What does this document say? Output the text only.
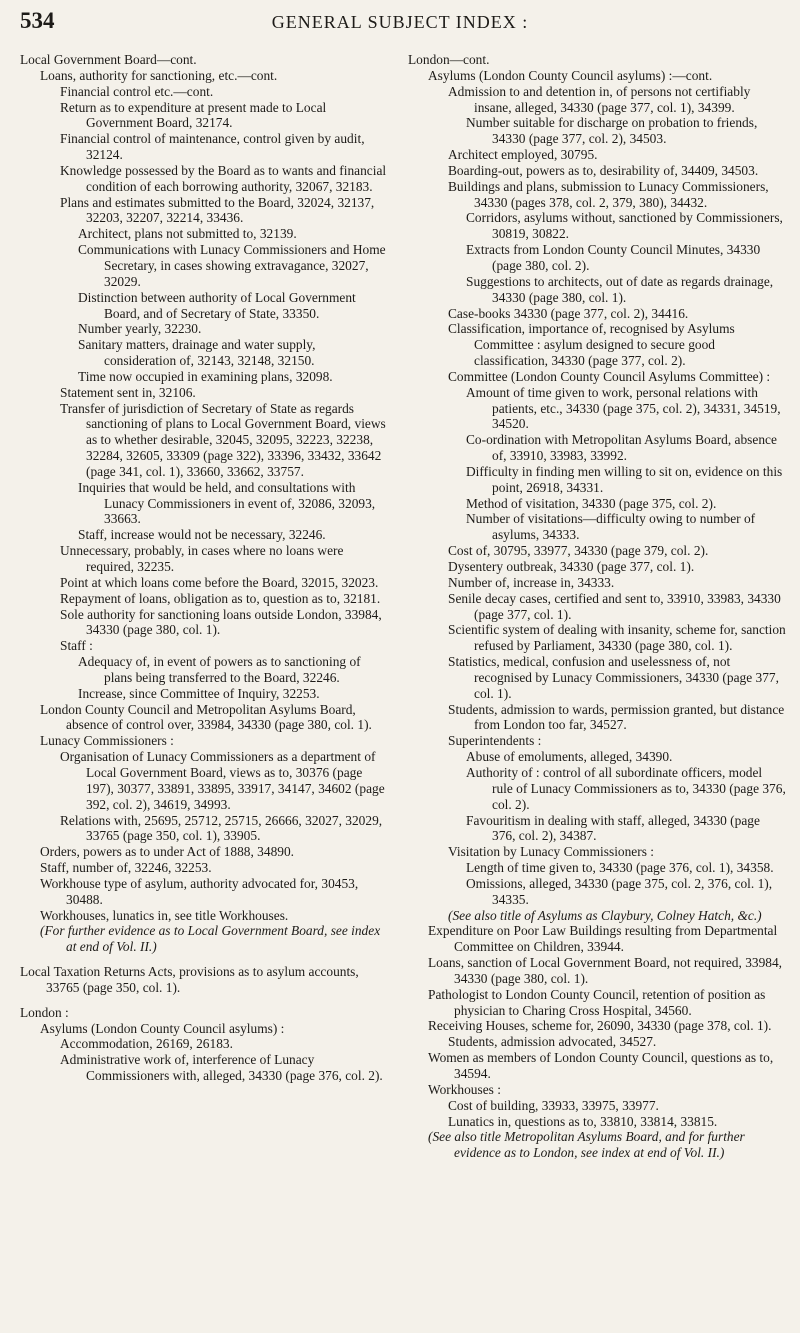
534	GENERAL SUBJECT INDEX :

Local Government Board—cont.

Loans, authority for sanctioning, etc.—cont.

Financial control etc.—cont.

Return as to expenditure at present made to Local Government Board, 32174.

Financial control of maintenance, control given by audit, 32124.

Knowledge possessed by the Board as to wants and financial condition of each borrowing authority, 32067, 32183.

Plans and estimates submitted to the Board, 32024, 32137, 32203, 32207, 32214, 33436.

Architect, plans not submitted to, 32139.

Communications with Lunacy Commissioners and Home Secretary, in cases showing extravagance, 32027, 32029.

Distinction between authority of Local Government Board, and of Secretary of State, 33350.

Number yearly, 32230.

Sanitary matters, drainage and water supply, consideration of, 32143, 32148, 32150.

Time now occupied in examining plans, 32098.

Statement sent in, 32106.

Transfer of jurisdiction of Secretary of State as regards sanctioning of plans to Local Government Board, views as to whether desirable, 32045, 32095, 32223, 32238, 32284, 32605, 33309 (page 322), 33396, 33432, 33642 (page 341, col. 1), 33660, 33662, 33757.

Inquiries that would be held, and consultations with Lunacy Commissioners in event of, 32086, 32093, 33663.

Staff, increase would not be necessary, 32246.

Unnecessary, probably, in cases where no loans were required, 32235.

Point at which loans come before the Board, 32015, 32023.

Repayment of loans, obligation as to, question as to, 32181.

Sole authority for sanctioning loans outside London, 33984, 34330 (page 380, col. 1).

Staff :

Adequacy of, in event of powers as to sanctioning of plans being transferred to the Board, 32246.

Increase, since Committee of Inquiry, 32253.

London County Council and Metropolitan Asylums Board, absence of control over, 33984, 34330 (page 380, col. 1).

Lunacy Commissioners :

Organisation of Lunacy Commissioners as a department of Local Government Board, views as to, 30376 (page 197), 30377, 33891, 33895, 33917, 34147, 34602 (page 392, col. 2), 34619, 34993.

Relations with, 25695, 25712, 25715, 26666, 32027, 32029, 33765 (page 350, col. 1), 33905.

Orders, powers as to under Act of 1888, 34890.

Staff, number of, 32246, 32253.

Workhouse type of asylum, authority advocated for, 30453, 30488.

Workhouses, lunatics in, see title Workhouses.

(For further evidence as to Local Government Board, see index at end of Vol. II.)

Local Taxation Returns Acts, provisions as to asylum accounts, 33765 (page 350, col. 1).

London :

Asylums (London County Council asylums) :

Accommodation, 26169, 26183.

Administrative work of, interference of Lunacy Commissioners with, alleged, 34330 (page 376, col. 2).

London—cont.

Asylums (London County Council asylums) :—cont.

Admission to and detention in, of persons not certifiably insane, alleged, 34330 (page 377, col. 1), 34399.

Number suitable for discharge on probation to friends, 34330 (page 377, col. 2), 34503.

Architect employed, 30795.

Boarding-out, powers as to, desirability of, 34409, 34503.

Buildings and plans, submission to Lunacy Commissioners, 34330 (pages 378, col. 2, 379, 380), 34432.

Corridors, asylums without, sanctioned by Commissioners, 30819, 30822.

Extracts from London County Council Minutes, 34330 (page 380, col. 2).

Suggestions to architects, out of date as regards drainage, 34330 (page 380, col. 1).

Case-books 34330 (page 377, col. 2), 34416.

Classification, importance of, recognised by Asylums Committee : asylum designed to secure good classification, 34330 (page 377, col. 2).

Committee (London County Council Asylums Committee) :

Amount of time given to work, personal relations with patients, etc., 34330 (page 375, col. 2), 34331, 34519, 34520.

Co-ordination with Metropolitan Asylums Board, absence of, 33910, 33983, 33992.

Difficulty in finding men willing to sit on, evidence on this point, 26918, 34331.

Method of visitation, 34330 (page 375, col. 2).

Number of visitations—difficulty owing to number of asylums, 34333.

Cost of, 30795, 33977, 34330 (page 379, col. 2).

Dysentery outbreak, 34330 (page 377, col. 1).

Number of, increase in, 34333.

Senile decay cases, certified and sent to, 33910, 33983, 34330 (page 377, col. 1).

Scientific system of dealing with insanity, scheme for, sanction refused by Parliament, 34330 (page 380, col. 1).

Statistics, medical, confusion and uselessness of, not recognised by Lunacy Commissioners, 34330 (page 377, col. 1).

Students, admission to wards, permission granted, but distance from London too far, 34527.

Superintendents :

Abuse of emoluments, alleged, 34390.

Authority of : control of all subordinate officers, model rule of Lunacy Commissioners as to, 34330 (page 376, col. 2).

Favouritism in dealing with staff, alleged, 34330 (page 376, col. 2), 34387.

Visitation by Lunacy Commissioners :

Length of time given to, 34330 (page 376, col. 1), 34358.

Omissions, alleged, 34330 (page 375, col. 2, 376, col. 1), 34335.

(See also title of Asylums as Claybury, Colney Hatch, &c.)

Expenditure on Poor Law Buildings resulting from Departmental Committee on Children, 33944.

Loans, sanction of Local Government Board, not required, 33984, 34330 (page 380, col. 1).

Pathologist to London County Council, retention of position as physician to Charing Cross Hospital, 34560.

Receiving Houses, scheme for, 26090, 34330 (page 378, col. 1).

Students, admission advocated, 34527.

Women as members of London County Council, questions as to, 34594.

Workhouses :

Cost of building, 33933, 33975, 33977.

Lunatics in, questions as to, 33810, 33814, 33815.

(See also title Metropolitan Asylums Board, and for further evidence as to London, see index at end of Vol. II.)
